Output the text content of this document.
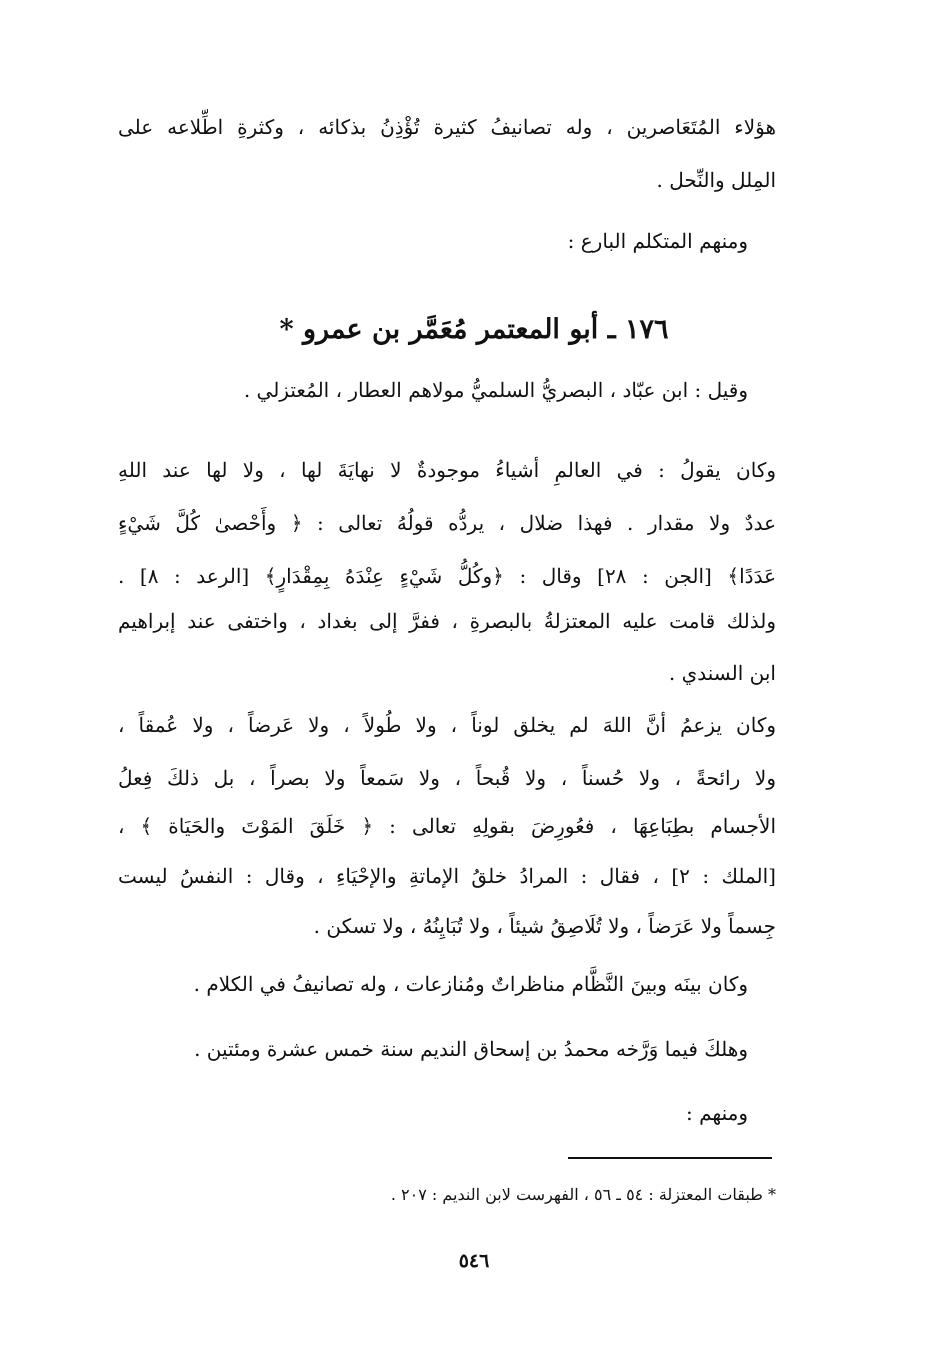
هؤلاء المُتَعَاصرين ، وله تصانيفُ كثيرة تُؤْذِنُ بذكائه ، وكثرةِ اطِّلاعه على
المِلل والنِّحل .
ومنهم المتكلم البارع :
١٧٦ ـ أبو المعتمر مُعَمَّر بن عمرو *
وقيل : ابن عبّاد ، البصريُّ السلميُّ مولاهم العطار ، المُعتزلي .
وكان يقولُ : في العالمِ أشياءُ موجودةٌ لا نهايَةَ لها ، ولا لها عند اللهِ
عددٌ ولا مقدار . فهذا ضلال ، يردُّه قولُهُ تعالى : ﴿ وأَحْصىٰ كُلَّ شَيْءٍ
عَدَدًا﴾ [الجن : ٢٨] وقال : ﴿وكُلُّ شَيْءٍ عِنْدَهُ بِمِقْدَارٍ﴾ [الرعد : ٨] .
ولذلك قامت عليه المعتزلةُ بالبصرةِ ، ففرَّ إلى بغداد ، واختفى عند إبراهيم
ابن السندي .
وكان يزعمُ أنَّ اللهَ لم يخلق لوناً ، ولا طُولاً ، ولا عَرضاً ، ولا عُمقاً ،
ولا رائحةً ، ولا حُسناً ، ولا قُبحاً ، ولا سَمعاً ولا بصراً ، بل ذلكَ فِعلُ
الأجسام بطِبَاعِهَا ، فعُورِضَ بقولِهِ تعالى : ﴿ خَلَقَ المَوْتَ والحَيَاة ﴾ ،
[الملك : ٢] ، فقال : المرادُ خلقُ الإماتةِ والإحْيَاءِ ، وقال : النفسُ ليست
جِسماً ولا عَرَضاً ، ولا تُلَاصِقُ شيئاً ، ولا تُبَايِنُهُ ، ولا تسكن .
وكان بينَه وبينَ النَّظَّام مناظراتٌ ومُنازعات ، وله تصانيفُ في الكلام .
وهلكَ فيما وَرَّخه محمدُ بن إسحاق النديم سنة خمس عشرة ومئتين .
ومنهم :
* طبقات المعتزلة : ٥٤ ـ ٥٦ ، الفهرست لابن النديم : ٢٠٧ .
٥٤٦
